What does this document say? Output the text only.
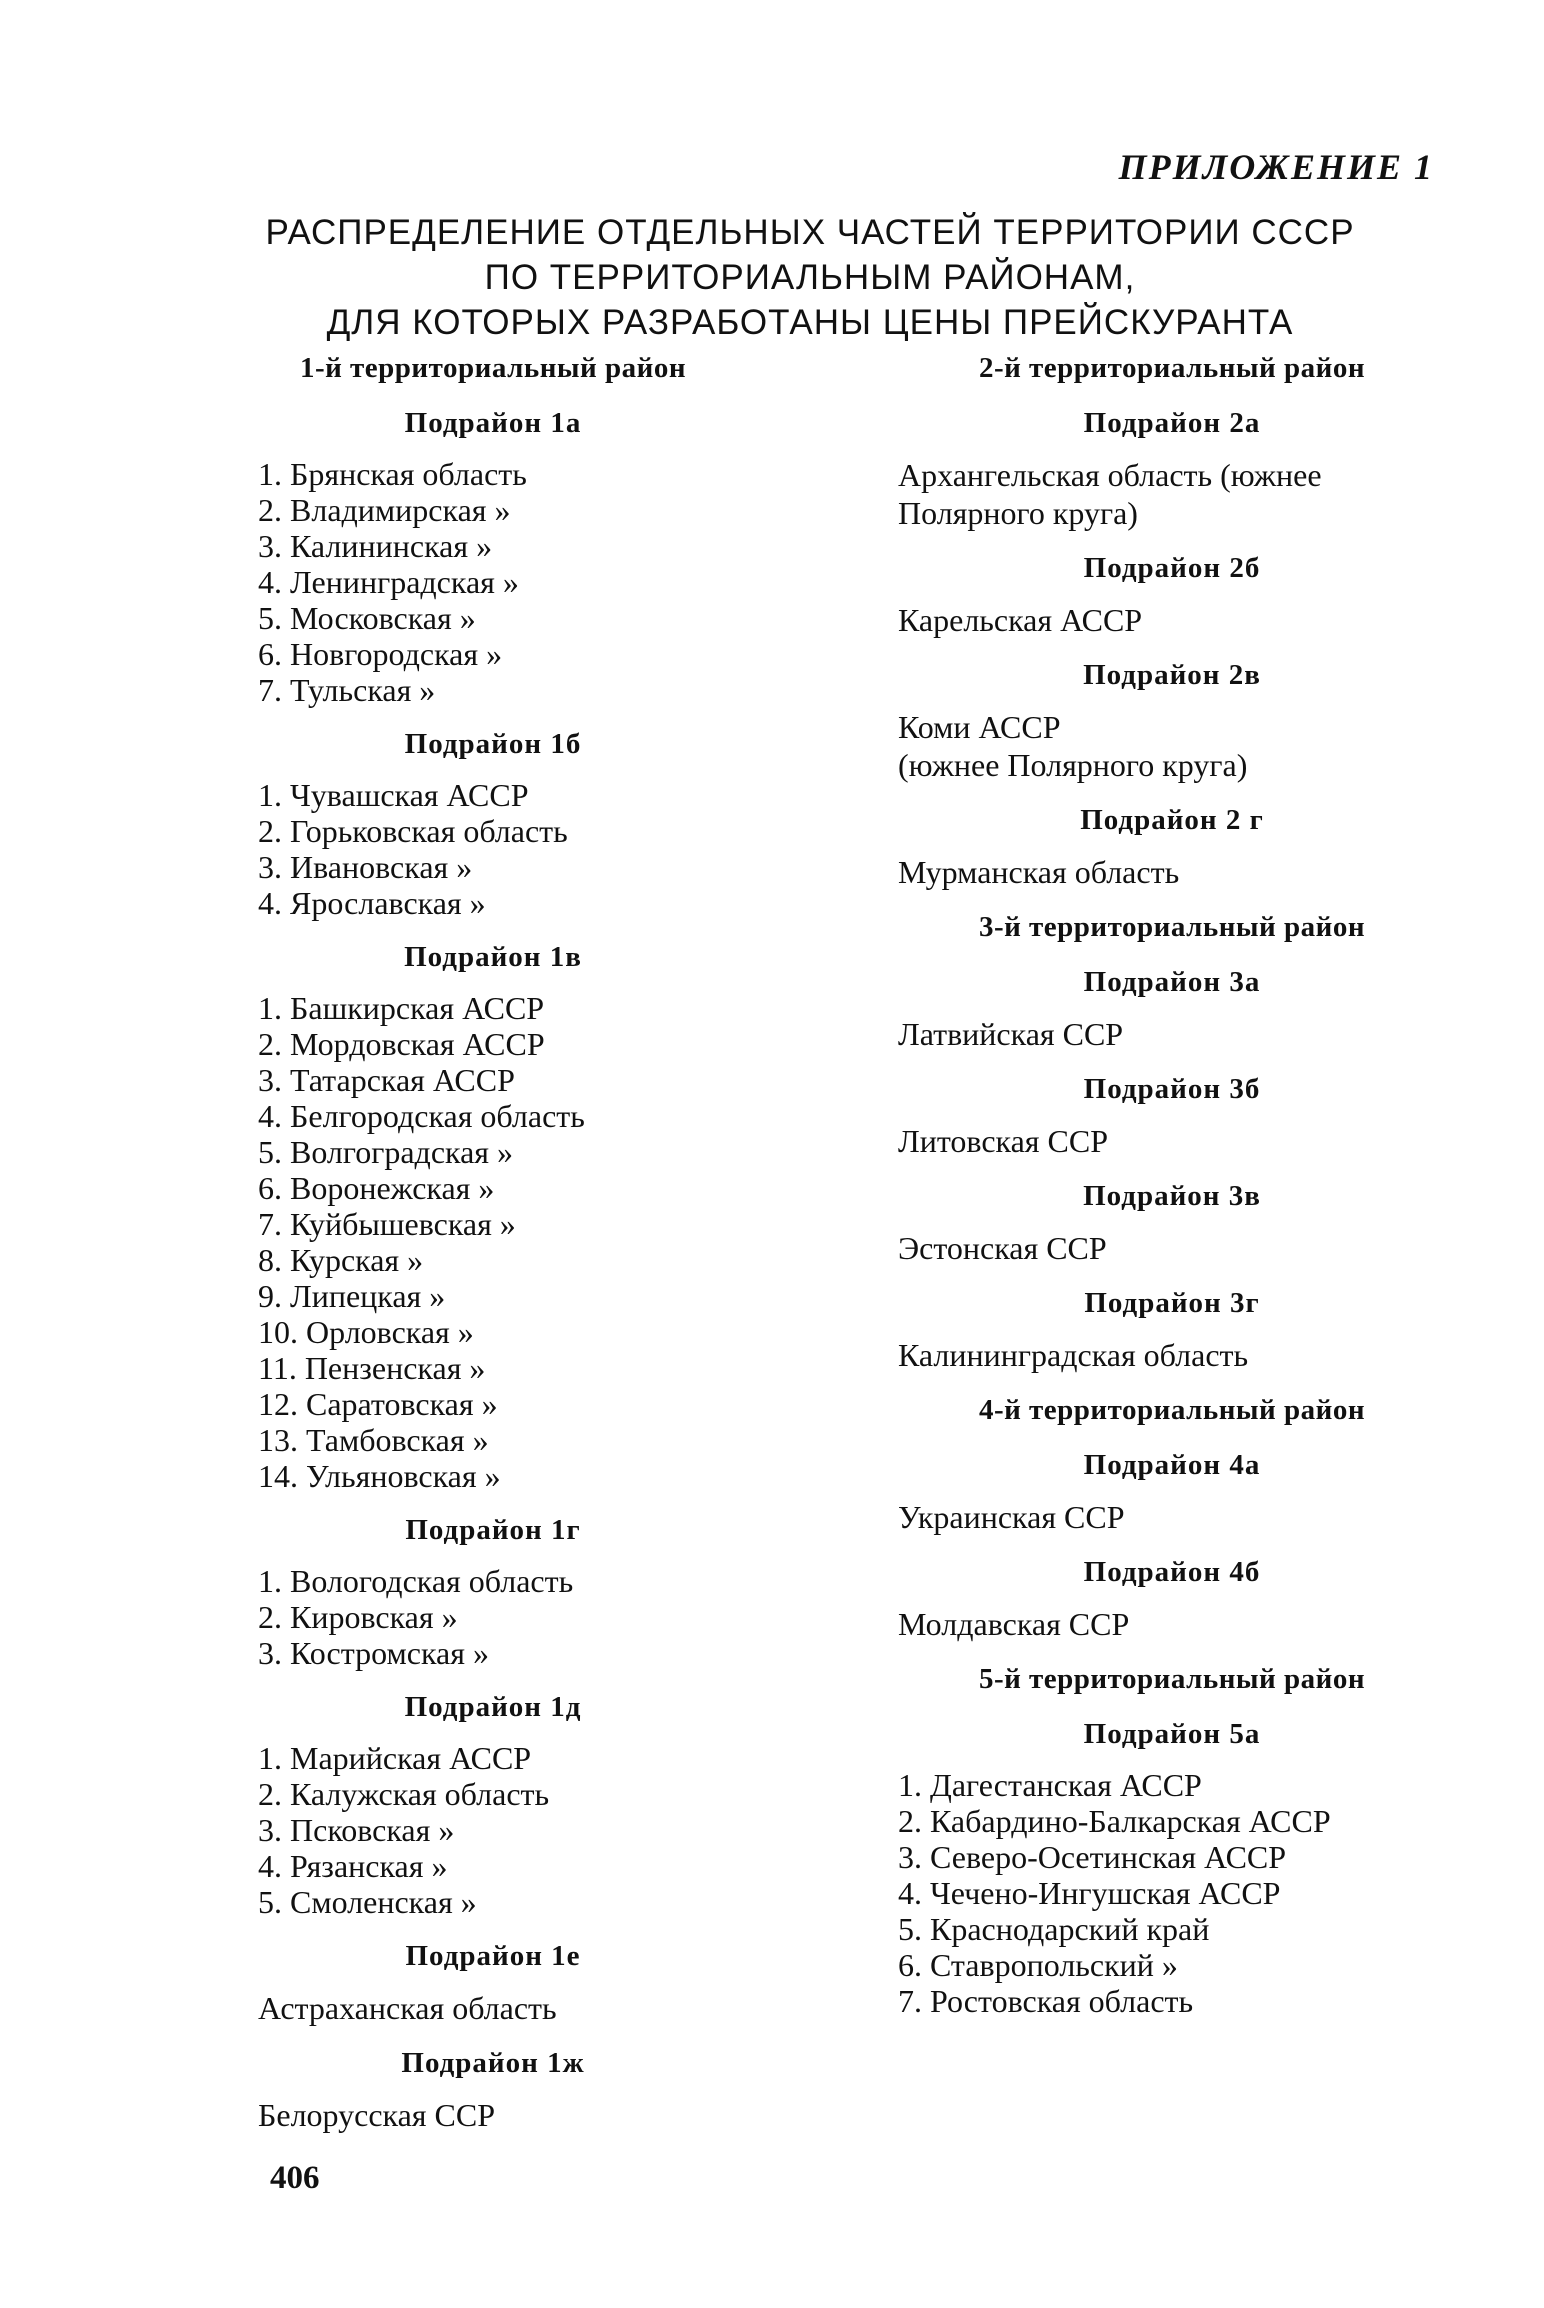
ПРИЛОЖЕНИЕ 1
РАСПРЕДЕЛЕНИЕ ОТДЕЛЬНЫХ ЧАСТЕЙ ТЕРРИТОРИИ СССР
ПО ТЕРРИТОРИАЛЬНЫМ РАЙОНАМ,
ДЛЯ КОТОРЫХ РАЗРАБОТАНЫ ЦЕНЫ ПРЕЙСКУРАНТА
1-й территориальный район
Подрайон 1а
1. Брянская область
2. Владимирская »
3. Калининская »
4. Ленинградская »
5. Московская »
6. Новгородская »
7. Тульская »
Подрайон 1б
1. Чувашская АССР
2. Горьковская область
3. Ивановская »
4. Ярославская »
Подрайон 1в
1. Башкирская АССР
2. Мордовская АССР
3. Татарская АССР
4. Белгородская область
5. Волгоградская »
6. Воронежская »
7. Куйбышевская »
8. Курская »
9. Липецкая »
10. Орловская »
11. Пензенская »
12. Саратовская »
13. Тамбовская »
14. Ульяновская »
Подрайон 1г
1. Вологодская область
2. Кировская »
3. Костромская »
Подрайон 1д
1. Марийская АССР
2. Калужская область
3. Псковская »
4. Рязанская »
5. Смоленская »
Подрайон 1е
Астраханская область
Подрайон 1ж
Белорусская ССР
2-й территориальный район
Подрайон 2а
Архангельская область (южнее
Полярного круга)
Подрайон 2б
Карельская АССР
Подрайон 2в
Коми АССР
(южнее Полярного круга)
Подрайон 2 г
Мурманская область
3-й территориальный район
Подрайон 3а
Латвийская ССР
Подрайон 3б
Литовская ССР
Подрайон 3в
Эстонская ССР
Подрайон 3г
Калининградская область
4-й территориальный район
Подрайон 4а
Украинская ССР
Подрайон 4б
Молдавская ССР
5-й территориальный район
Подрайон 5а
1. Дагестанская АССР
2. Кабардино-Балкарская АССР
3. Северо-Осетинская АССР
4. Чечено-Ингушская АССР
5. Краснодарский край
6. Ставропольский »
7. Ростовская область
406
